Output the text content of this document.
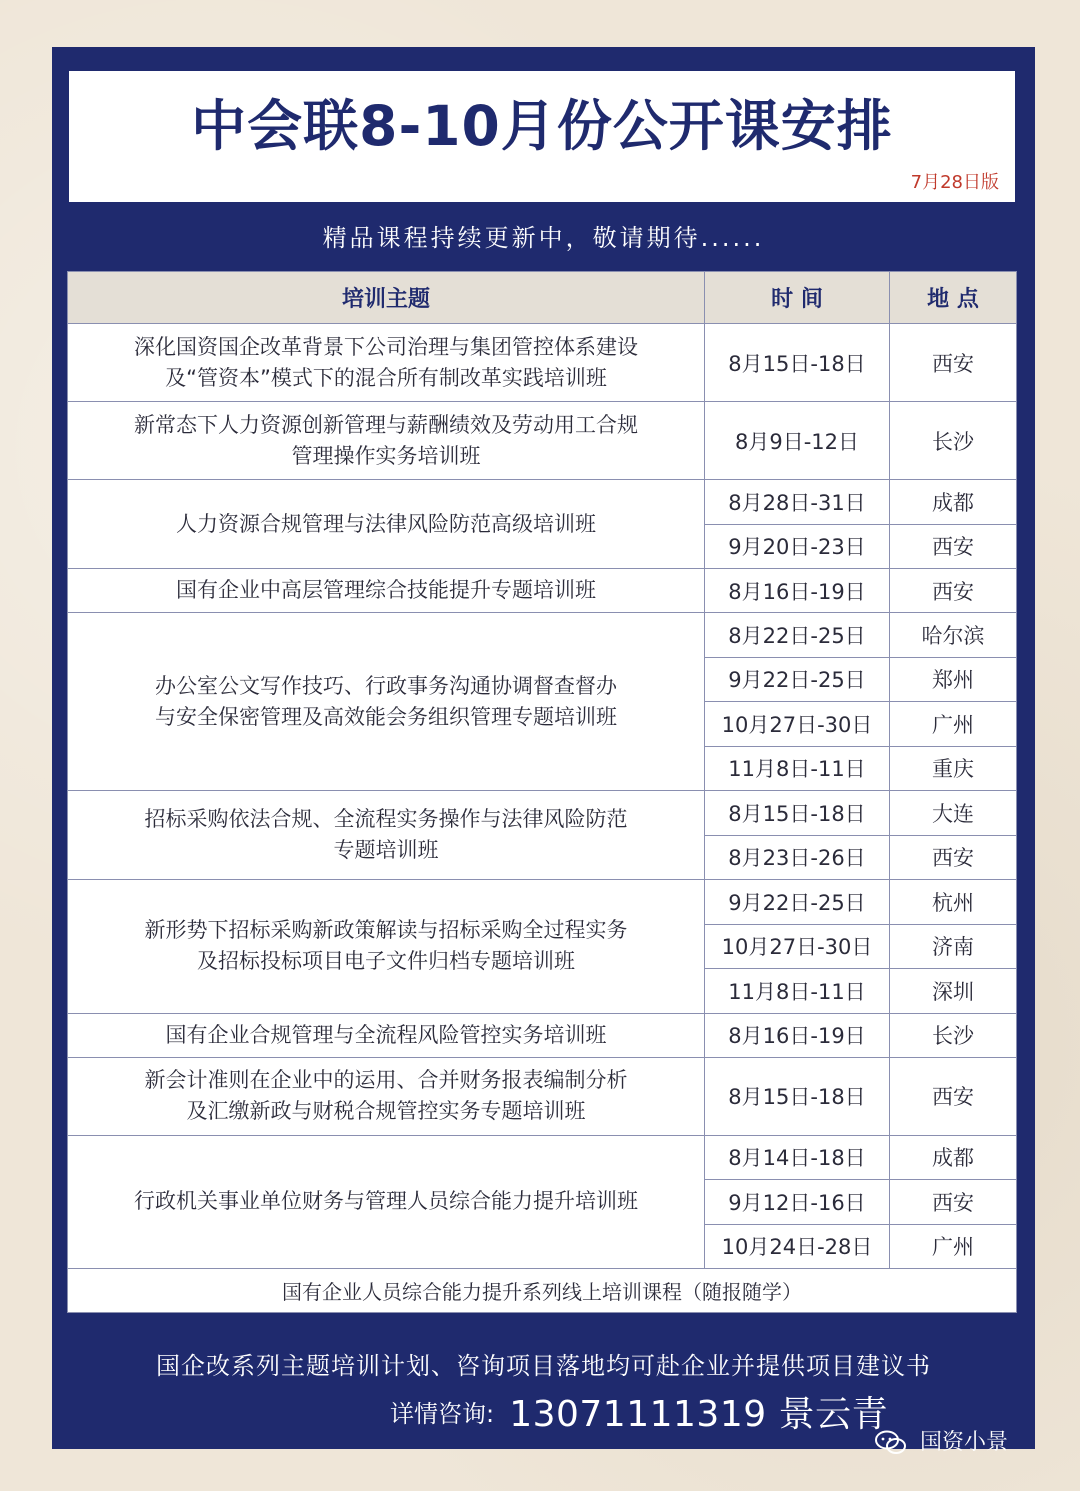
中会联8-10月份公开课安排
7月28日版
精品课程持续更新中，敬请期待......
培训主题	时 间	地 点

深化国资国企改革背景下公司治理与集团管控体系建设
及“管资本”模式下的混合所有制改革实践培训班	8月15日-18日	西安

新常态下人力资源创新管理与薪酬绩效及劳动用工合规
管理操作实务培训班	8月9日-12日	长沙

人力资源合规管理与法律风险防范高级培训班	8月28日-31日	成都
	9月20日-23日	西安

国有企业中高层管理综合技能提升专题培训班	8月16日-19日	西安

办公室公文写作技巧、行政事务沟通协调督查督办
与安全保密管理及高效能会务组织管理专题培训班	8月22日-25日	哈尔滨
	9月22日-25日	郑州
	10月27日-30日	广州
	11月8日-11日	重庆

招标采购依法合规、全流程实务操作与法律风险防范
专题培训班	8月15日-18日	大连
	8月23日-26日	西安

新形势下招标采购新政策解读与招标采购全过程实务
及招标投标项目电子文件归档专题培训班	9月22日-25日	杭州
	10月27日-30日	济南
	11月8日-11日	深圳

国有企业合规管理与全流程风险管控实务培训班	8月16日-19日	长沙

新会计准则在企业中的运用、合并财务报表编制分析
及汇缴新政与财税合规管控实务专题培训班	8月15日-18日	西安

行政机关事业单位财务与管理人员综合能力提升培训班	8月14日-18日	成都
	9月12日-16日	西安
	10月24日-28日	广州
国有企业人员综合能力提升系列线上培训课程（随报随学）		
国企改系列主题培训计划、咨询项目落地均可赴企业并提供项目建议书
详情咨询: 13071111319 景云青
国资小景
